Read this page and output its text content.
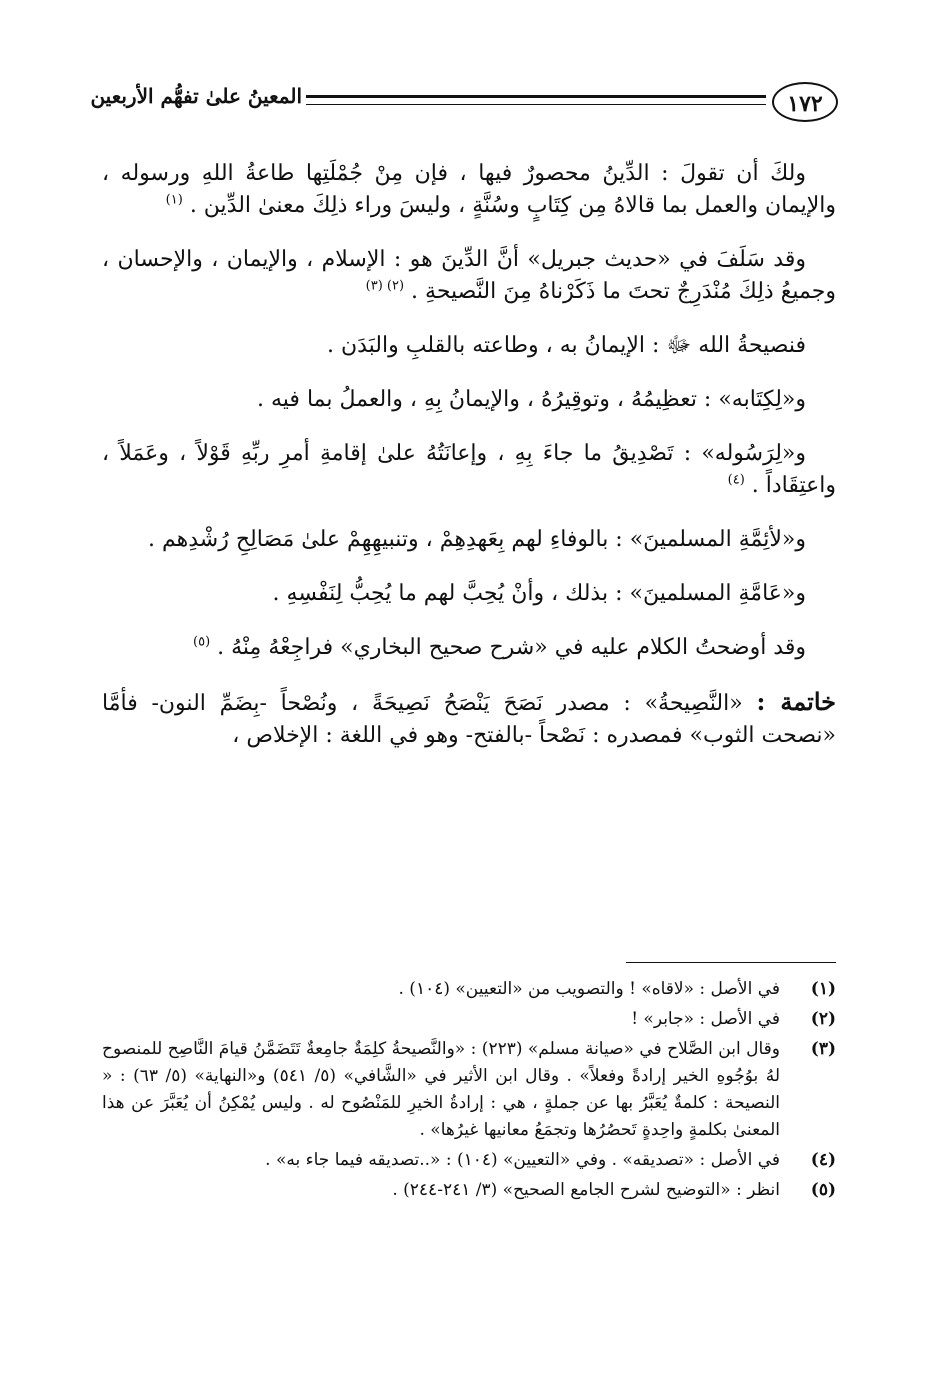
١٧٢
المعينُ علىٰ تفهُّم الأربعين

ولكَ أن تقولَ : الدِّينُ محصورٌ فيها ، فإن مِنْ جُمْلَتِها طاعةُ اللهِ ورسوله ، والإيمان والعمل بما قالاهُ مِن كِتَابٍ وسُنَّةٍ ، وليسَ وراء ذلِكَ معنىٰ الدِّين . $^{(١)}$

وقد سَلَفَ في «حديث جبريل» أنَّ الدِّينَ هو : الإسلام ، والإيمان ، والإحسان ، وجميعُ ذلِكَ مُنْدَرِجٌ تحتَ ما ذَكَرْناهُ مِنَ النَّصيحةِ . $^{(٢) (٣)}$

فنصيحةُ الله ﷻ : الإيمانُ به ، وطاعته بالقلبِ والبَدَن .

و«لِكِتَابه» : تعظِيمُهُ ، وتوقِيرُهُ ، والإيمانُ بِهِ ، والعملُ بما فيه .

و«لِرَسُوله» : تَصْدِيقُ ما جاءَ بِهِ ، وإعانَتُهُ علىٰ إقامةِ أمرِ ربِّهِ قَوْلاً ، وعَمَلاً ، واعتِقَاداً . $^{(٤)}$

و«لأئِمَّةِ المسلمينَ» : بالوفاءِ لهم بِعَهدِهِمْ ، وتنبيهِهِمْ علىٰ مَصَالِحِ رُشْدِهم .

و«عَامَّةِ المسلمينَ» : بذلك ، وأنْ يُحِبَّ لهم ما يُحِبُّ لِنَفْسِهِ .

وقد أوضحتُ الكلام عليه في «شرح صحيح البخاري» فراجِعْهُ مِنْهُ . $^{(٥)}$

خاتمة : «النَّصِيحةُ» : مصدر نَصَحَ يَنْصَحُ نَصِيحَةً ، ونُصْحاً -بِضَمِّ النون- فأمَّا «نصحت الثوب» فمصدره : نَصْحاً -بالفتح- وهو في اللغة : الإخلاص ،

(١)
في الأصل : «لاقاه» ! والتصويب من «التعيين» (١٠٤) .
(٢)
في الأصل : «جابر» !
(٣)
وقال ابن الصَّلاح في «صيانة مسلم» (٢٢٣) : «والنَّصيحةُ كلِمَةٌ جامِعةٌ تَتَضَمَّنُ قيامَ النَّاصِح للمنصوح لهُ بوُجُوهِ الخير إرادةً وفعلاً» . وقال ابن الأثير في «الشَّافي» (٥/ ٥٤١) و«النهاية» (٥/ ٦٣) : « النصيحة : كلمةٌ يُعَبَّرُ بها عن جملةٍ ، هي : إرادةُ الخيرِ للمَنْصُوح له . وليس يُمْكِنُ أن يُعَبَّرَ عن هذا المعنىٰ بكلمةٍ واحِدةٍ تَحصُرُها وتجمَعُ معانيها غيرُها» .
(٤)
في الأصل : «تصديقه» . وفي «التعيين» (١٠٤) : «..تصديقه فيما جاء به» .
(٥)
انظر : «التوضيح لشرح الجامع الصحيح» (٣/ ٢٤١-٢٤٤) .
